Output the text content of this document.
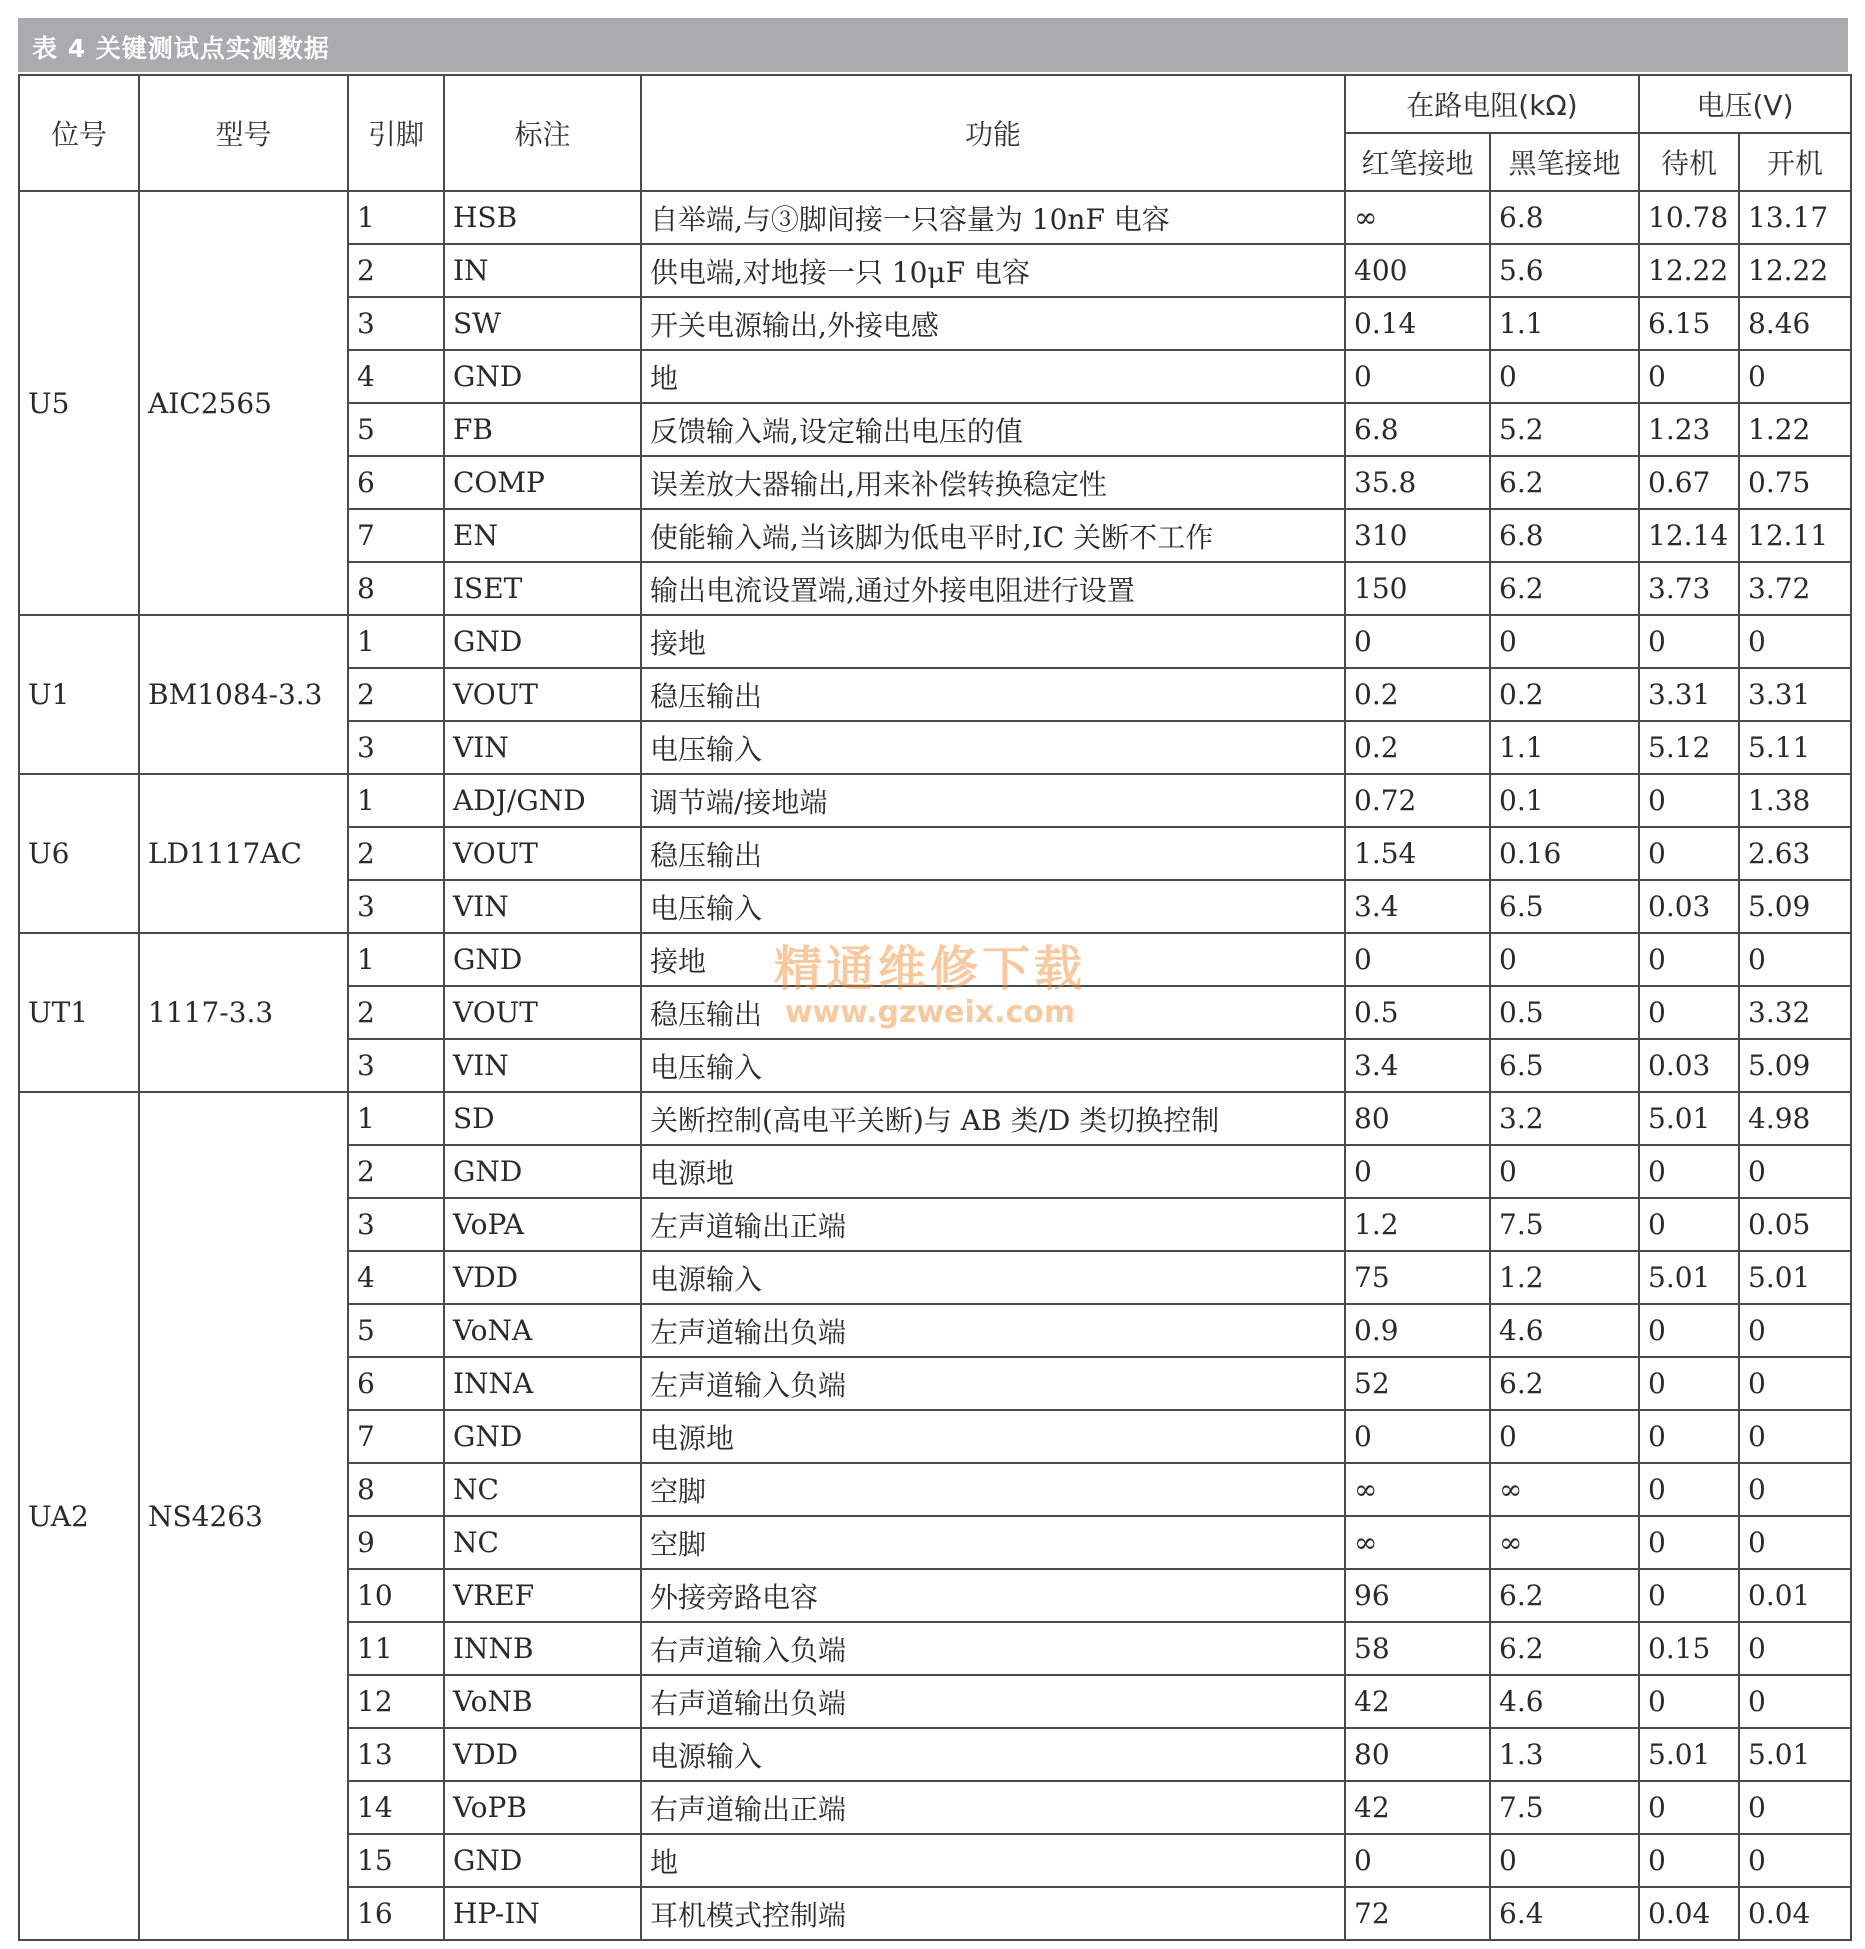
表 4 关键测试点实测数据
位号	型号	引脚	标注	功能	在路电阻(kΩ)		电压(V)	
					红笔接地	黑笔接地	待机	开机
U5	AIC2565	1	HSB	自举端,与③脚间接一只容量为 10nF 电容	∞	6.8	10.78	13.17
		2	IN	供电端,对地接一只 10μF 电容	400	5.6	12.22	12.22
		3	SW	开关电源输出,外接电感	0.14	1.1	6.15	8.46
		4	GND	地	0	0	0	0
		5	FB	反馈输入端,设定输出电压的值	6.8	5.2	1.23	1.22
		6	COMP	误差放大器输出,用来补偿转换稳定性	35.8	6.2	0.67	0.75
		7	EN	使能输入端,当该脚为低电平时,IC 关断不工作	310	6.8	12.14	12.11
		8	ISET	输出电流设置端,通过外接电阻进行设置	150	6.2	3.73	3.72
U1	BM1084-3.3	1	GND	接地	0	0	0	0
		2	VOUT	稳压输出	0.2	0.2	3.31	3.31
		3	VIN	电压输入	0.2	1.1	5.12	5.11
U6	LD1117AC	1	ADJ/GND	调节端/接地端	0.72	0.1	0	1.38
		2	VOUT	稳压输出	1.54	0.16	0	2.63
		3	VIN	电压输入	3.4	6.5	0.03	5.09
UT1	1117-3.3	1	GND	接地	0	0	0	0
		2	VOUT	稳压输出	0.5	0.5	0	3.32
		3	VIN	电压输入	3.4	6.5	0.03	5.09
UA2	NS4263	1	SD	关断控制(高电平关断)与 AB 类/D 类切换控制	80	3.2	5.01	4.98
		2	GND	电源地	0	0	0	0
		3	VoPA	左声道输出正端	1.2	7.5	0	0.05
		4	VDD	电源输入	75	1.2	5.01	5.01
		5	VoNA	左声道输出负端	0.9	4.6	0	0
		6	INNA	左声道输入负端	52	6.2	0	0
		7	GND	电源地	0	0	0	0
		8	NC	空脚	∞	∞	0	0
		9	NC	空脚	∞	∞	0	0
		10	VREF	外接旁路电容	96	6.2	0	0.01
		11	INNB	右声道输入负端	58	6.2	0.15	0
		12	VoNB	右声道输出负端	42	4.6	0	0
		13	VDD	电源输入	80	1.3	5.01	5.01
		14	VoPB	右声道输出正端	42	7.5	0	0
		15	GND	地	0	0	0	0
		16	HP-IN	耳机模式控制端	72	6.4	0.04	0.04
精通维修下载
www.gzweix.com
